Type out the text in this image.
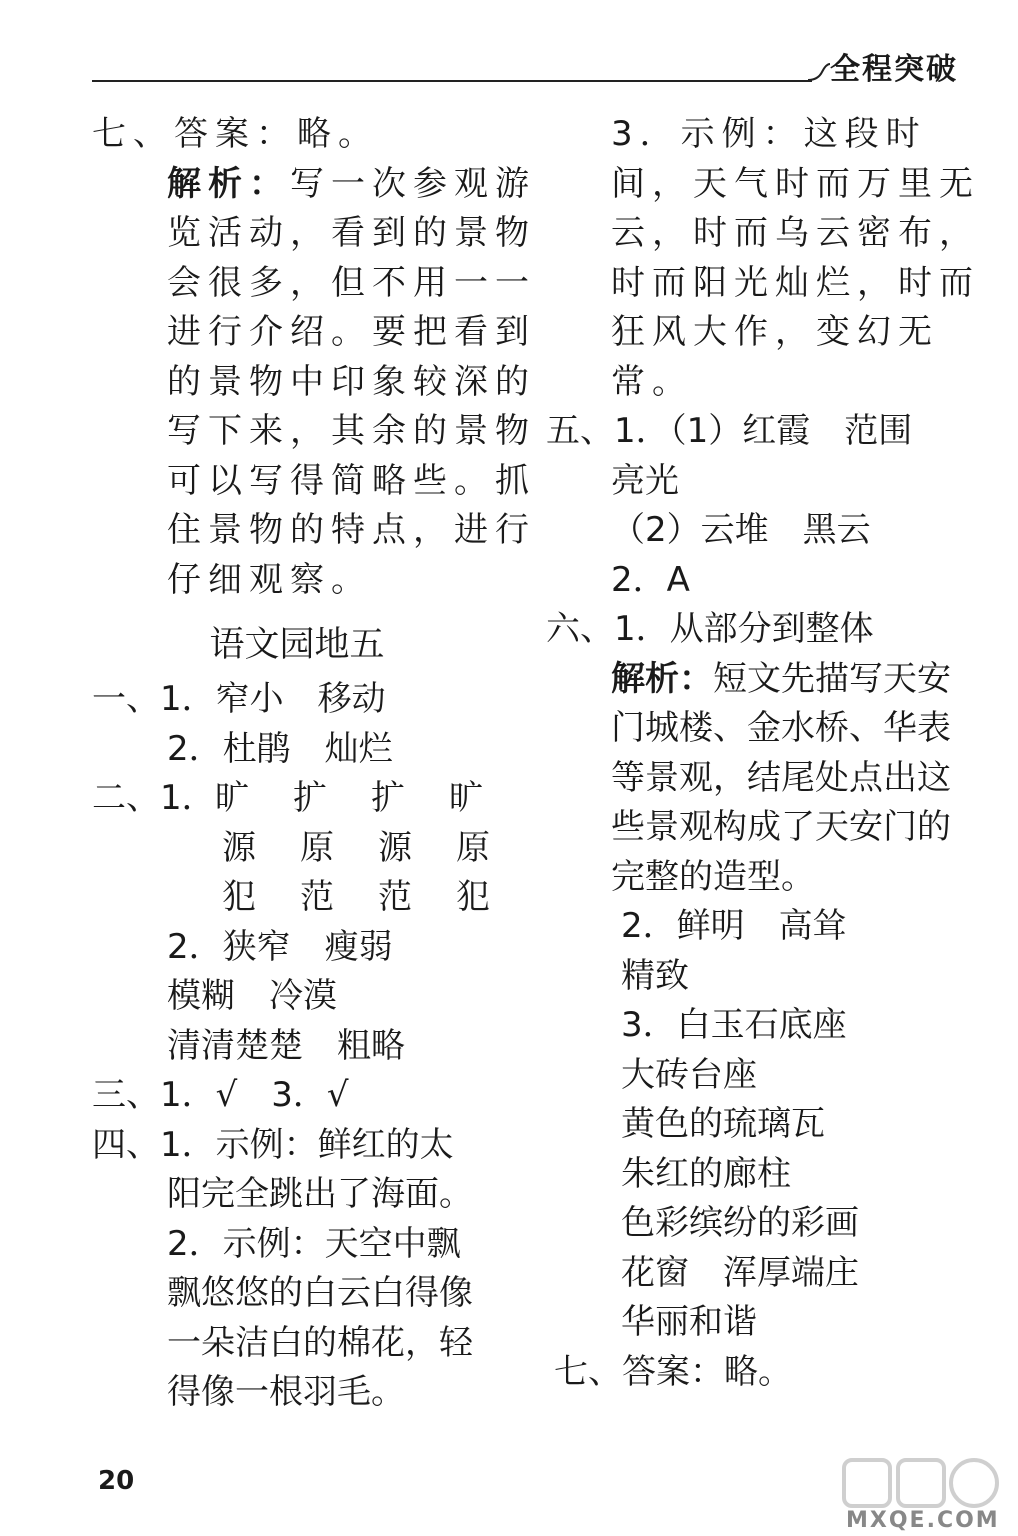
全程突破
七、答案：略。
解析：写一次参观游
览活动，看到的景物
会很多，但不用一一
进行介绍。要把看到
的景物中印象较深的
写下来，其余的景物
可以写得简略些。抓
住景物的特点，进行
仔细观察。
语文园地五
一、1．窄小　移动
2．杜鹃　灿烂
二、1．旷 扩 扩 旷
源 原 源 原
犯 范 范 犯
2．狭窄　瘦弱
模糊　冷漠
清清楚楚　粗略
三、1．√　3．√
四、1．示例：鲜红的太
阳完全跳出了海面。
2．示例：天空中飘
飘悠悠的白云白得像
一朵洁白的棉花，轻
得像一根羽毛。
3．示例：这段时
间，天气时而万里无
云，时而乌云密布，
时而阳光灿烂，时而
狂风大作，变幻无
常。
五、1．（1）红霞　范围
亮光
（2）云堆　黑云
2．A
六、1．从部分到整体
解析：短文先描写天安
门城楼、金水桥、华表
等景观，结尾处点出这
些景观构成了天安门的
完整的造型。
2．鲜明　高耸
精致
3．白玉石底座
大砖台座
黄色的琉璃瓦
朱红的廊柱
色彩缤纷的彩画
花窗　浑厚端庄
华丽和谐
七、答案：略。
20
MXQE.COM
